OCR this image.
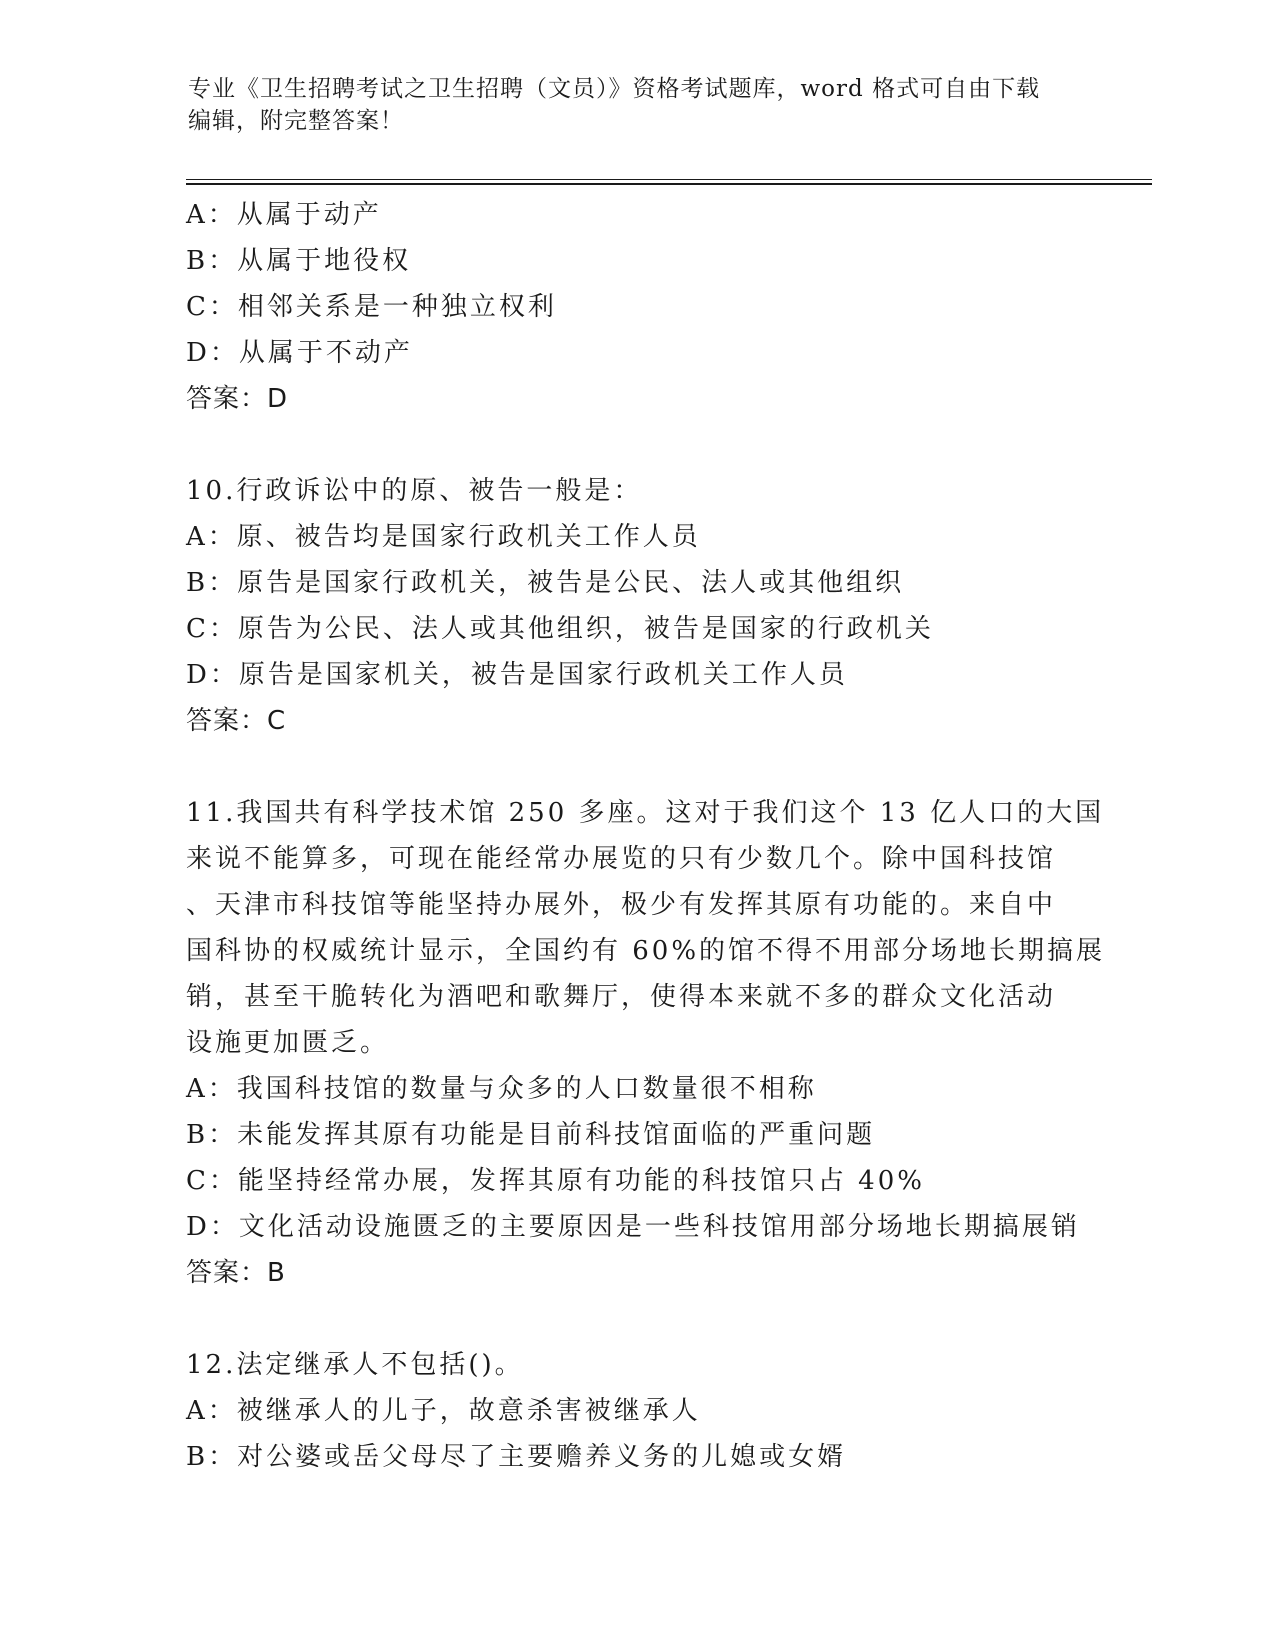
专业《卫生招聘考试之卫生招聘（文员）》资格考试题库，word 格式可自由下载
编辑，附完整答案！
A：从属于动产
B：从属于地役权
C：相邻关系是一种独立权利
D：从属于不动产
答案：D
10.行政诉讼中的原、被告一般是：
A：原、被告均是国家行政机关工作人员
B：原告是国家行政机关，被告是公民、法人或其他组织
C：原告为公民、法人或其他组织，被告是国家的行政机关
D：原告是国家机关，被告是国家行政机关工作人员
答案：C
11.我国共有科学技术馆 250 多座。这对于我们这个 13 亿人口的大国
来说不能算多，可现在能经常办展览的只有少数几个。除中国科技馆
、天津市科技馆等能坚持办展外，极少有发挥其原有功能的。来自中
国科协的权威统计显示，全国约有 60%的馆不得不用部分场地长期搞展
销，甚至干脆转化为酒吧和歌舞厅，使得本来就不多的群众文化活动
设施更加匮乏。
A：我国科技馆的数量与众多的人口数量很不相称
B：未能发挥其原有功能是目前科技馆面临的严重问题
C：能坚持经常办展，发挥其原有功能的科技馆只占 40%
D：文化活动设施匮乏的主要原因是一些科技馆用部分场地长期搞展销
答案：B
12.法定继承人不包括()。
A：被继承人的儿子，故意杀害被继承人
B：对公婆或岳父母尽了主要赡养义务的儿媳或女婿
